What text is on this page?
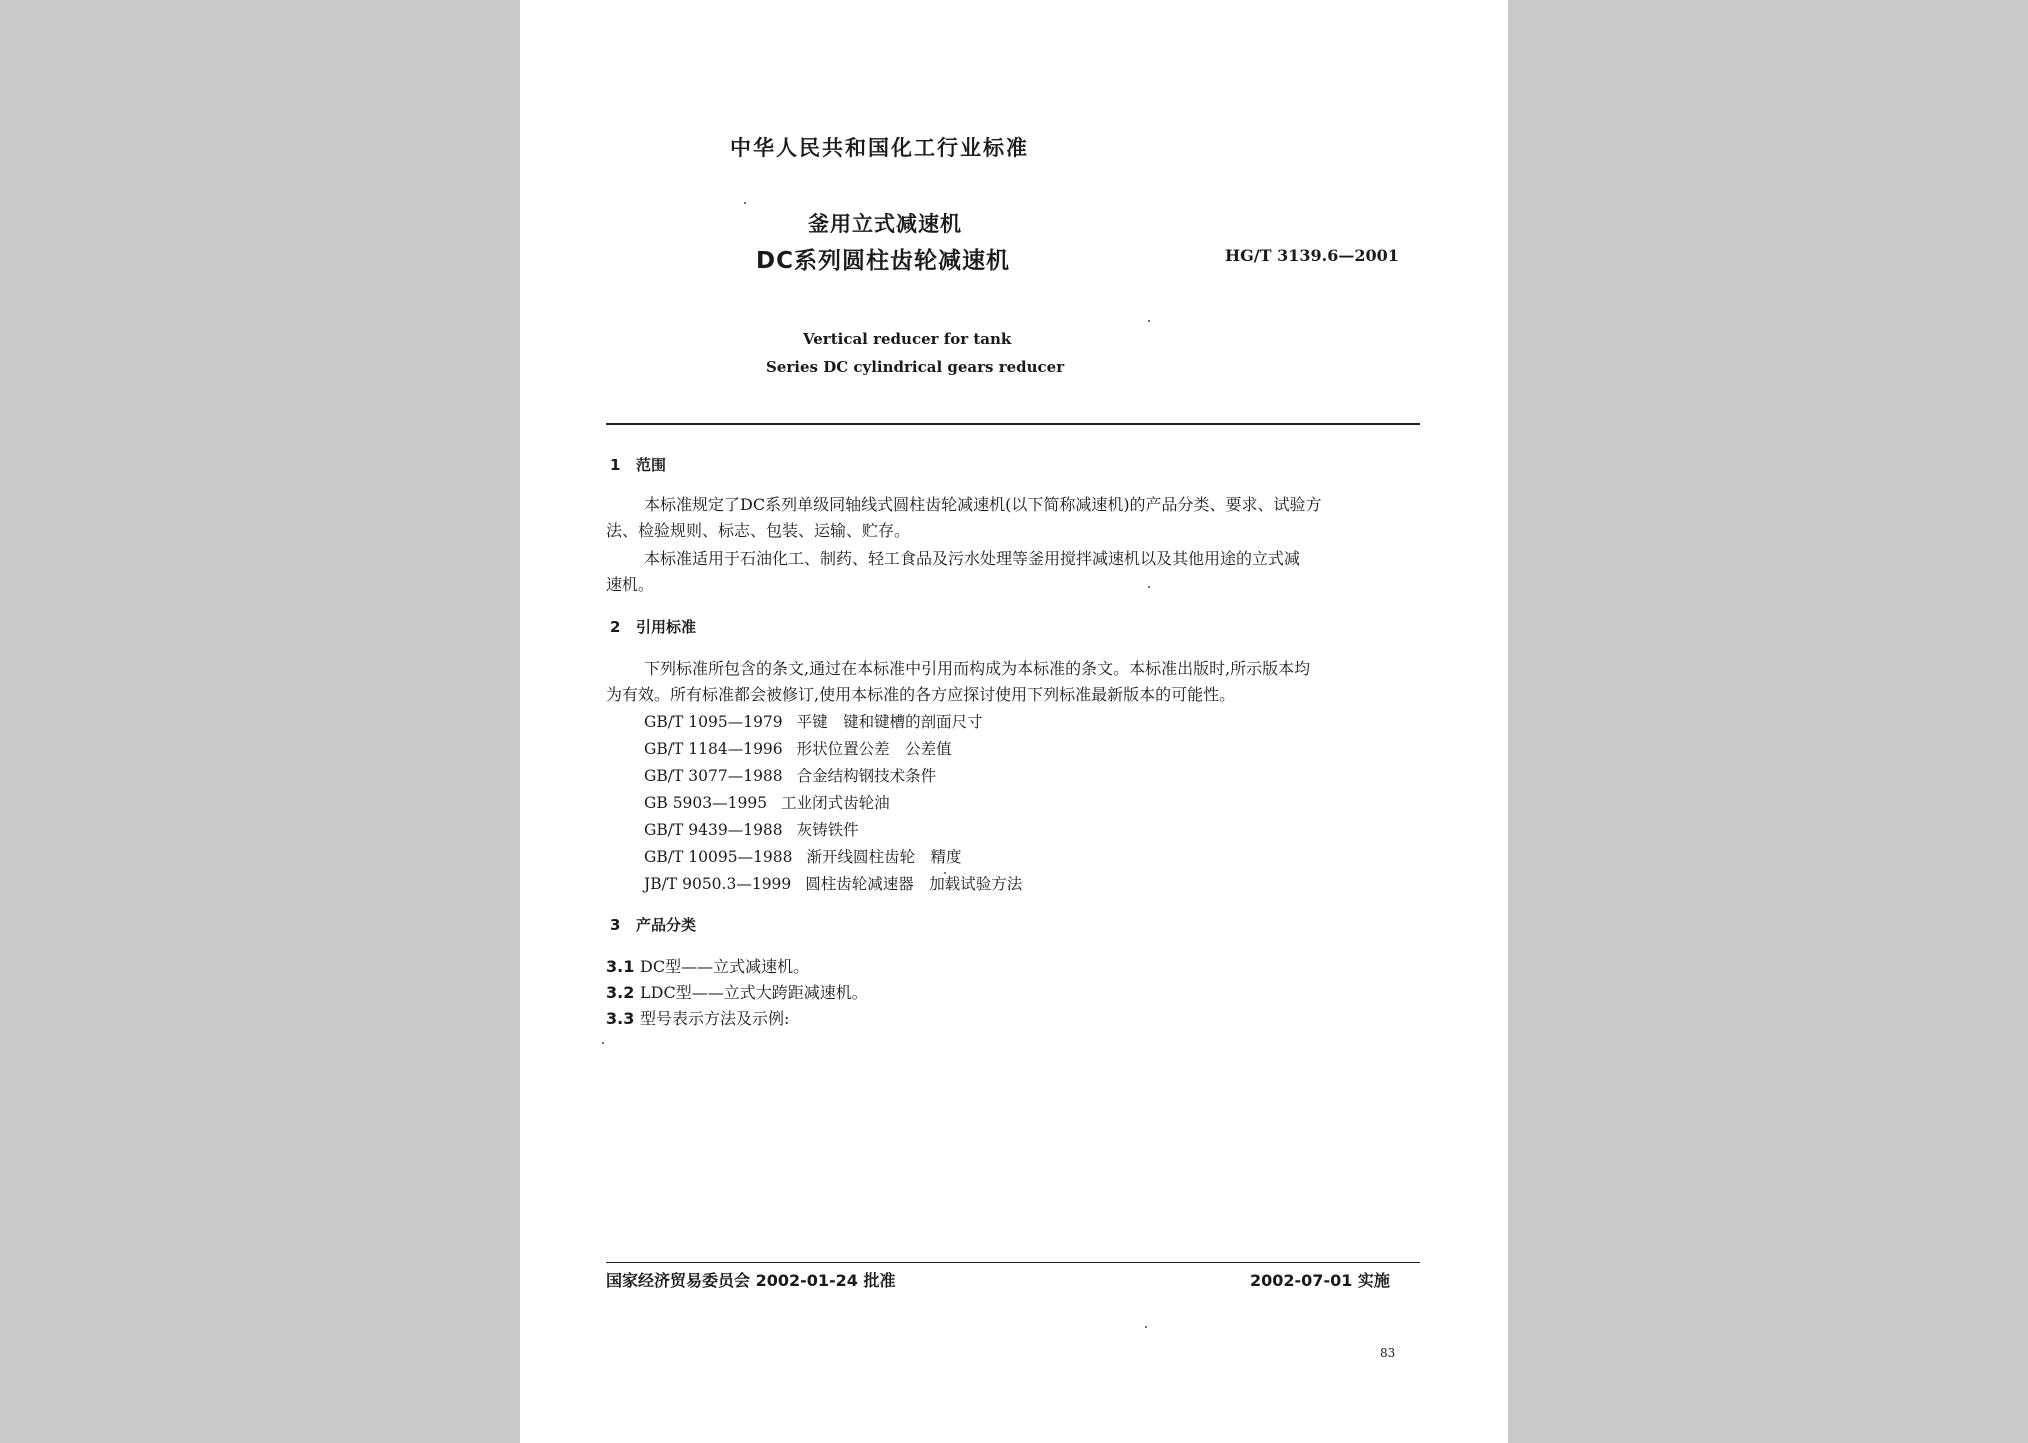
中华人民共和国化工行业标准
釜用立式减速机
DC系列圆柱齿轮减速机	HG/T 3139.6—2001
Vertical reducer for tank
Series DC cylindrical gears reducer
1 范围
本标准规定了DC系列单级同轴线式圆柱齿轮减速机(以下简称减速机)的产品分类、要求、试验方
法、检验规则、标志、包装、运输、贮存。
本标准适用于石油化工、制药、轻工食品及污水处理等釜用搅拌减速机以及其他用途的立式减
速机。
2 引用标准
下列标准所包含的条文,通过在本标准中引用而构成为本标准的条文。本标准出版时,所示版本均
为有效。所有标准都会被修订,使用本标准的各方应探讨使用下列标准最新版本的可能性。
GB/T 1095—1979 平键　键和键槽的剖面尺寸
GB/T 1184—1996 形状位置公差　公差值
GB/T 3077—1988 合金结构钢技术条件
GB 5903—1995 工业闭式齿轮油
GB/T 9439—1988 灰铸铁件
GB/T 10095—1988 渐开线圆柱齿轮　精度
JB/T 9050.3—1999 圆柱齿轮减速器　加载试验方法
3 产品分类
3.1 DC型——立式减速机。
3.2 LDC型——立式大跨距减速机。
3.3 型号表示方法及示例:
国家经济贸易委员会 2002-01-24 批准	2002-07-01 实施
83
